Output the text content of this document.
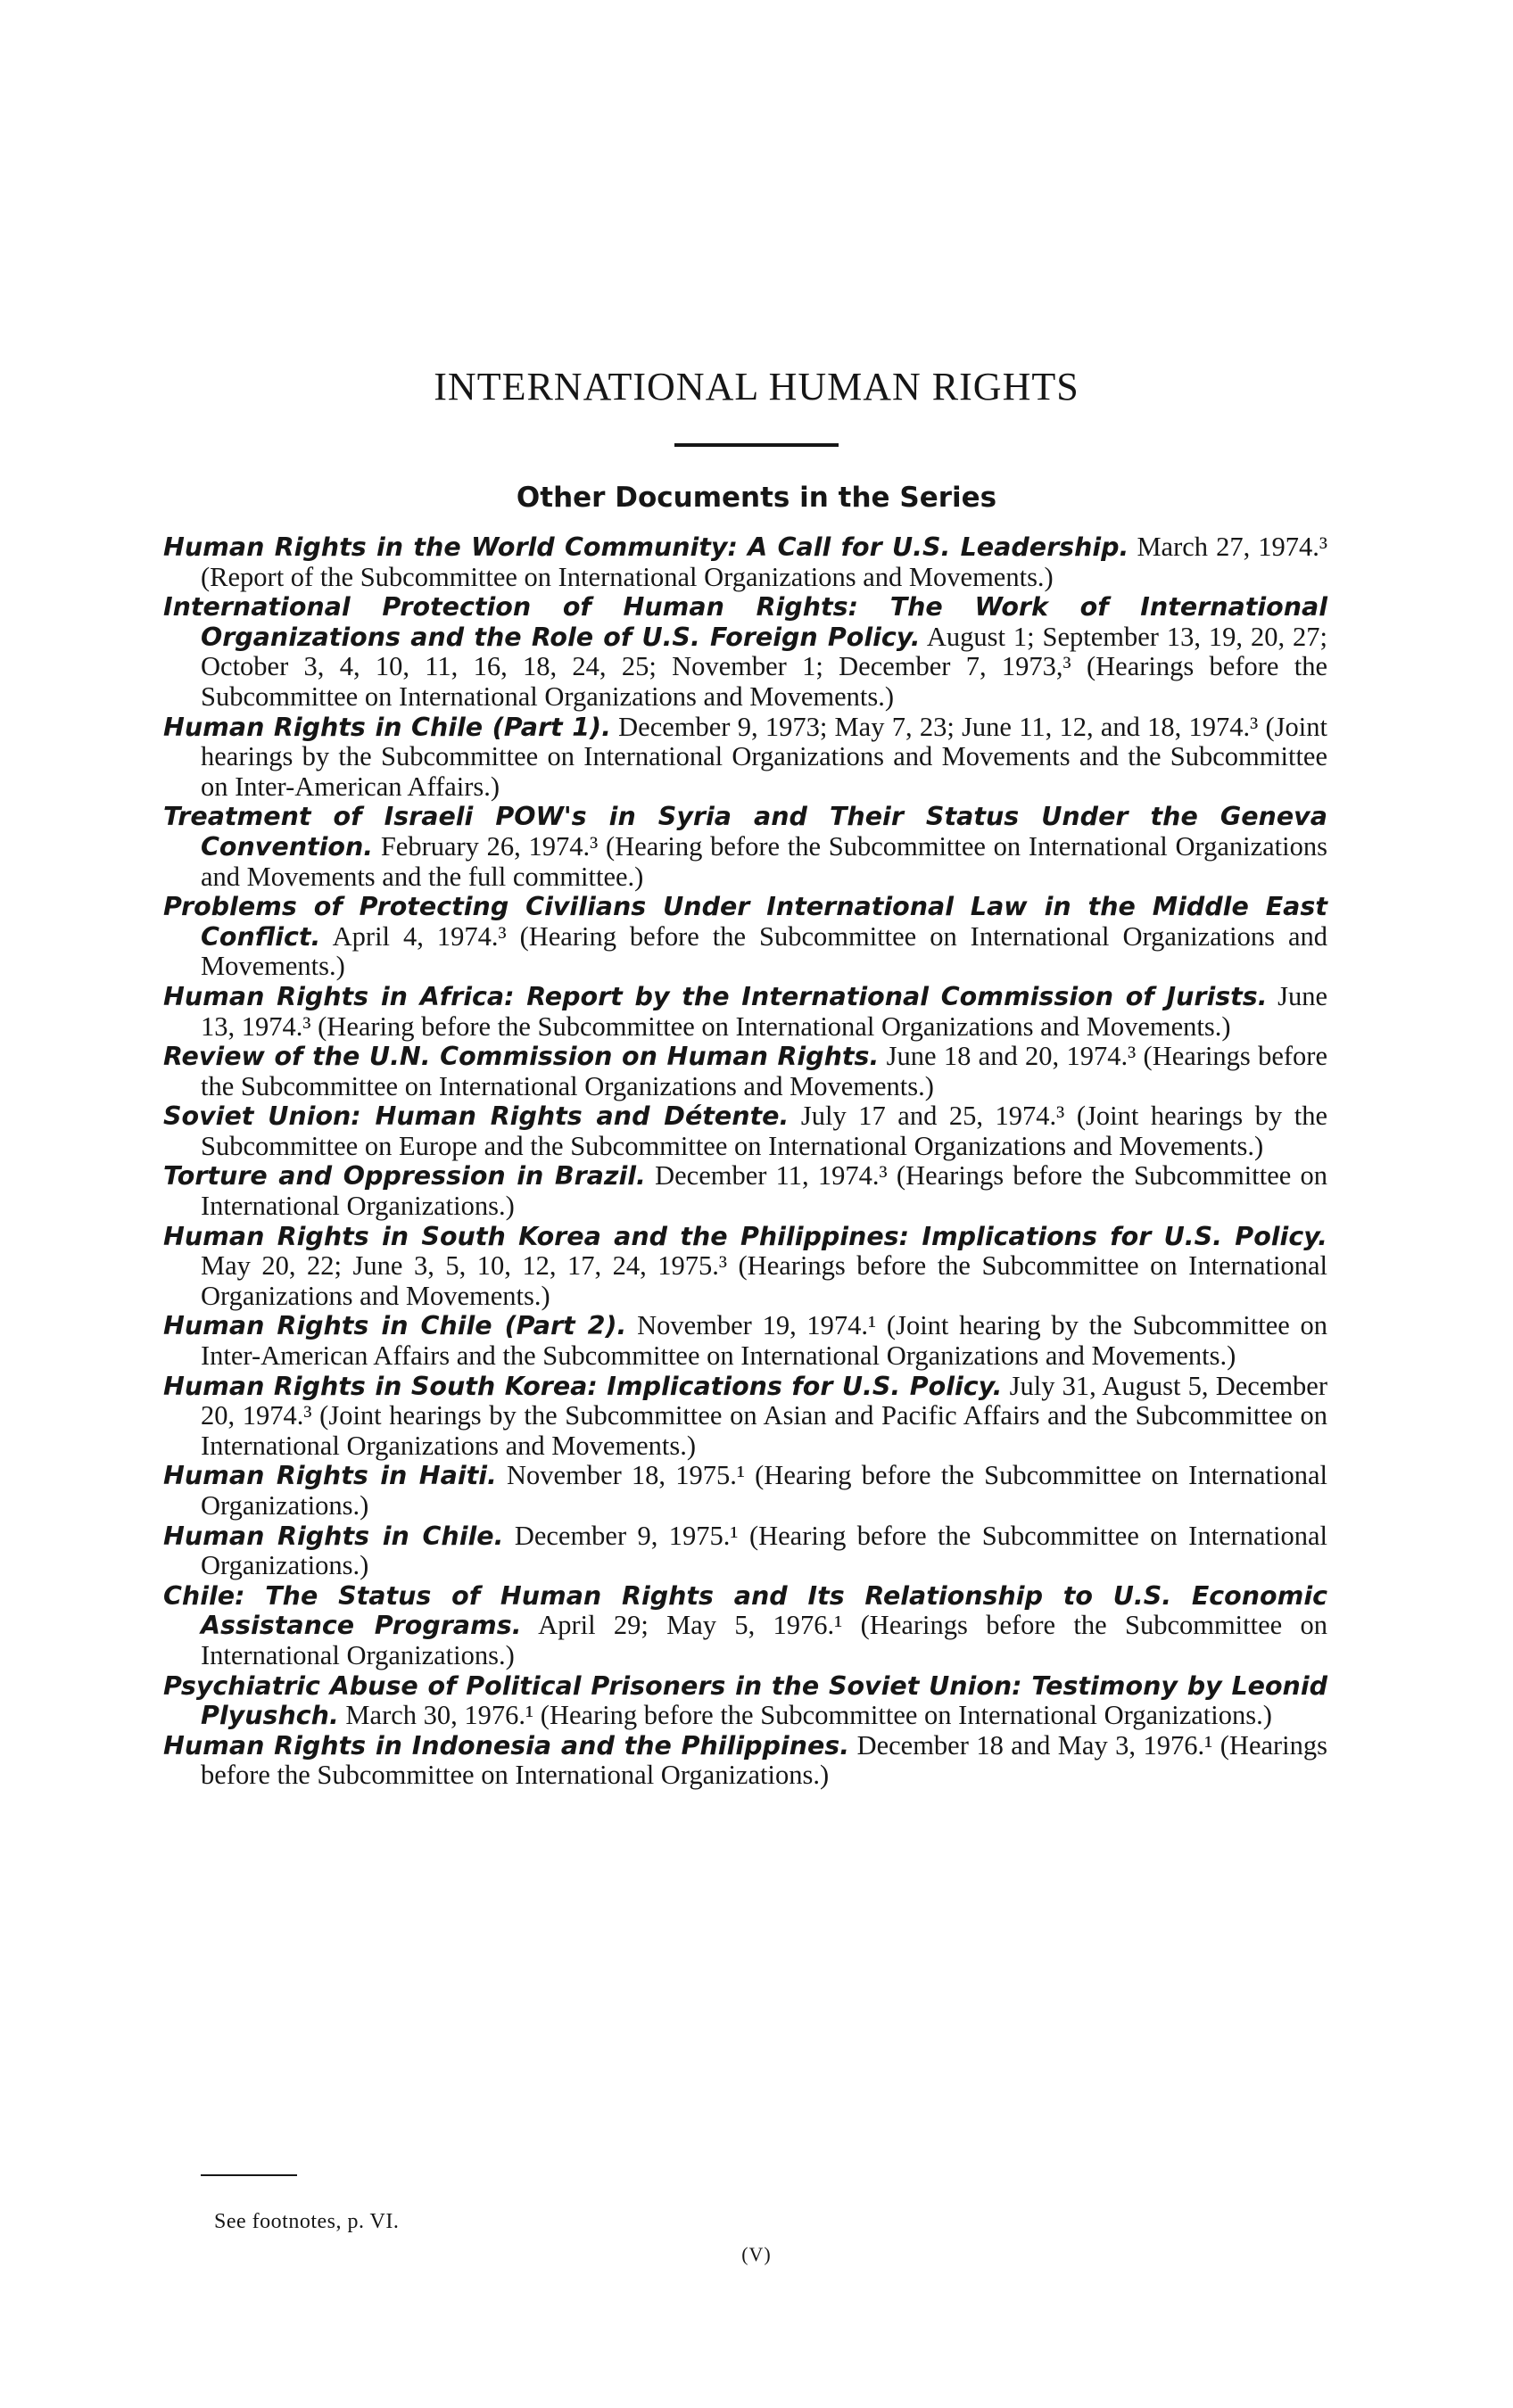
INTERNATIONAL HUMAN RIGHTS
Other Documents in the Series
Human Rights in the World Community: A Call for U.S. Leadership. March 27, 1974.³ (Report of the Subcommittee on International Organizations and Movements.)
International Protection of Human Rights: The Work of International Organizations and the Role of U.S. Foreign Policy. August 1; September 13, 19, 20, 27; October 3, 4, 10, 11, 16, 18, 24, 25; November 1; December 7, 1973,³ (Hearings before the Subcommittee on International Organizations and Movements.)
Human Rights in Chile (Part 1). December 9, 1973; May 7, 23; June 11, 12, and 18, 1974.³ (Joint hearings by the Subcommittee on International Organizations and Movements and the Subcommittee on Inter-American Affairs.)
Treatment of Israeli POW's in Syria and Their Status Under the Geneva Convention. February 26, 1974.³ (Hearing before the Subcommittee on International Organizations and Movements and the full committee.)
Problems of Protecting Civilians Under International Law in the Middle East Conflict. April 4, 1974.³ (Hearing before the Subcommittee on International Organizations and Movements.)
Human Rights in Africa: Report by the International Commission of Jurists. June 13, 1974.³ (Hearing before the Subcommittee on International Organizations and Movements.)
Review of the U.N. Commission on Human Rights. June 18 and 20, 1974.³ (Hearings before the Subcommittee on International Organizations and Movements.)
Soviet Union: Human Rights and Détente. July 17 and 25, 1974.³ (Joint hearings by the Subcommittee on Europe and the Subcommittee on International Organizations and Movements.)
Torture and Oppression in Brazil. December 11, 1974.³ (Hearings before the Subcommittee on International Organizations.)
Human Rights in South Korea and the Philippines: Implications for U.S. Policy. May 20, 22; June 3, 5, 10, 12, 17, 24, 1975.³ (Hearings before the Subcommittee on International Organizations and Movements.)
Human Rights in Chile (Part 2). November 19, 1974.¹ (Joint hearing by the Subcommittee on Inter-American Affairs and the Subcommittee on International Organizations and Movements.)
Human Rights in South Korea: Implications for U.S. Policy. July 31, August 5, December 20, 1974.³ (Joint hearings by the Subcommittee on Asian and Pacific Affairs and the Subcommittee on International Organizations and Movements.)
Human Rights in Haiti. November 18, 1975.¹ (Hearing before the Subcommittee on International Organizations.)
Human Rights in Chile. December 9, 1975.¹ (Hearing before the Subcommittee on International Organizations.)
Chile: The Status of Human Rights and Its Relationship to U.S. Economic Assistance Programs. April 29; May 5, 1976.¹ (Hearings before the Subcommittee on International Organizations.)
Psychiatric Abuse of Political Prisoners in the Soviet Union: Testimony by Leonid Plyushch. March 30, 1976.¹ (Hearing before the Subcommittee on International Organizations.)
Human Rights in Indonesia and the Philippines. December 18 and May 3, 1976.¹ (Hearings before the Subcommittee on International Organizations.)
See footnotes, p. VI.
(V)
